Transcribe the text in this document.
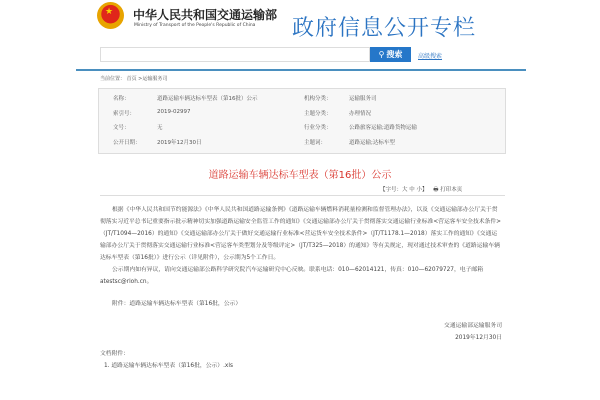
★ 中华人民共和国交通运输部
Ministry of Transport of the People's Republic of China 政府信息公开专栏
⚲ 搜索	高级搜索
当前位置： 首页 >运输服务司
名称：	道路运输车辆达标车型表（第16批）公示	机构分类：	运输服务司
索引号：	2019-02997	主题分类：	办理情况
文号：	无	行业分类：	公路旅客运输;道路货物运输
公开日期：	2019年12月30日	主题词：	道路运输;达标车型
道路运输车辆达标车型表（第16批）公示
【字号：大 中 小】 🖶 打印本页
根据《中华人民共和国节约能源法》《中华人民共和国道路运输条例》《道路运输车辆燃料消耗量检测和监督管理办法》，以及《交通运输部办公厅关于贯彻落实习近平总书记重要指示批示精神切实加强道路运输安全监管工作的通知》《交通运输部办公厅关于贯彻落实交通运输行业标准<营运客车安全技术条件>（JT/T1094—2016）的通知》《交通运输部办公厅关于做好交通运输行业标准<营运货车安全技术条件>（JT/T1178.1—2018）落实工作的通知》《交通运输部办公厅关于贯彻落实交通运输行业标准<营运客车类型划分及等级评定>（JT/T325—2018）的通知》等有关规定，现对通过技术审查的《道路运输车辆达标车型表（第16批）》进行公示（详见附件），公示期为5个工作日。
公示期内如有异议，请向交通运输部公路科学研究院汽车运输研究中心反映。联系电话：010—62014121，传真：010—62079727，电子邮箱 atestsc@rioh.cn。
附件：道路运输车辆达标车型表（第16批，公示）
交通运输部运输服务司
2019年12月30日
文档附件：
1. 道路运输车辆达标车型表（第16批，公示）.xls
